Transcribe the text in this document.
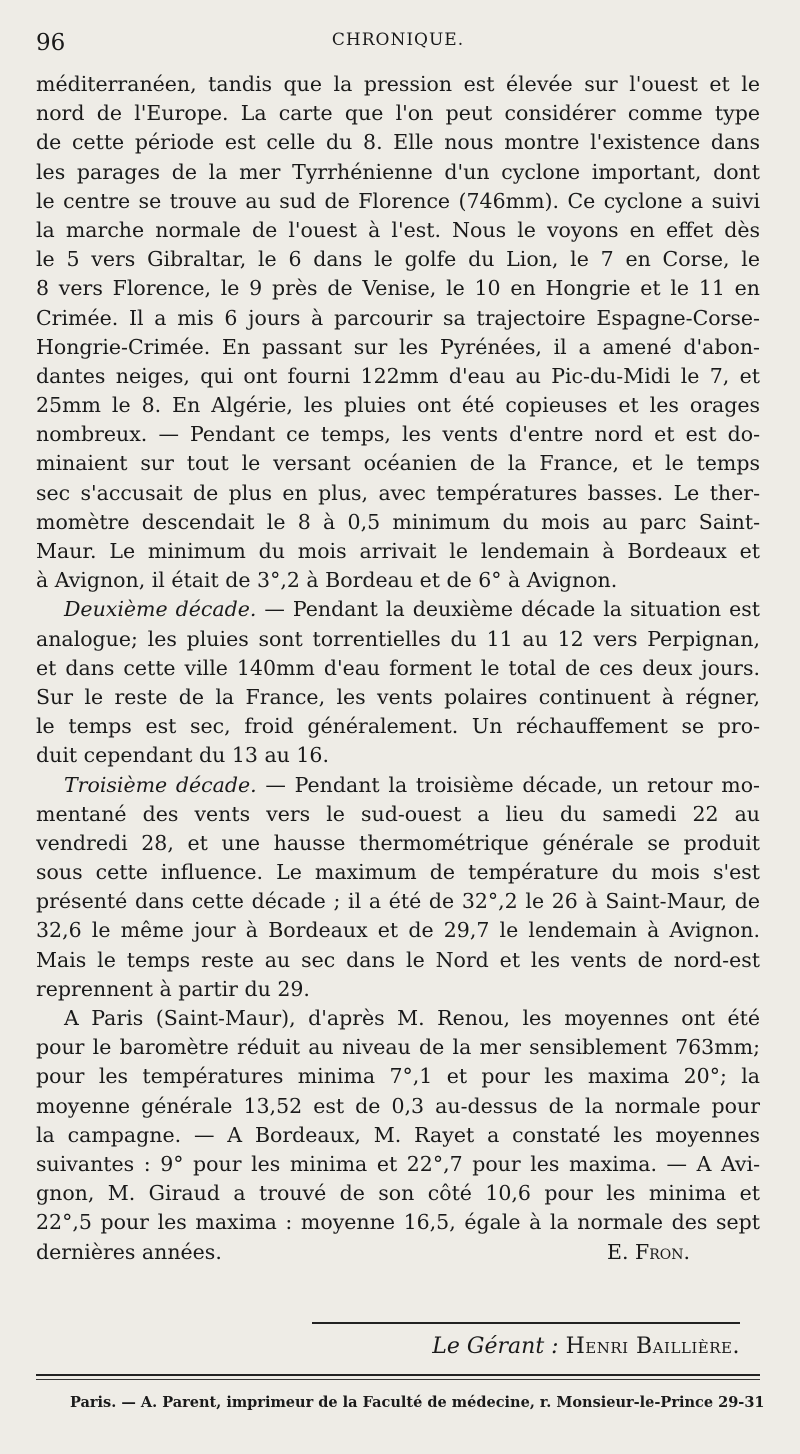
96	CHRONIQUE.
méditerranéen, tandis que la pression est élevée sur l'ouest et le
nord de l'Europe. La carte que l'on peut considérer comme type
de cette période est celle du 8. Elle nous montre l'existence dans
les parages de la mer Tyrrhénienne d'un cyclone important, dont
le centre se trouve au sud de Florence (746mm). Ce cyclone a suivi
la marche normale de l'ouest à l'est. Nous le voyons en effet dès
le 5 vers Gibraltar, le 6 dans le golfe du Lion, le 7 en Corse, le
8 vers Florence, le 9 près de Venise, le 10 en Hongrie et le 11 en
Crimée. Il a mis 6 jours à parcourir sa trajectoire Espagne-Corse-
Hongrie-Crimée. En passant sur les Pyrénées, il a amené d'abon-
dantes neiges, qui ont fourni 122mm d'eau au Pic-du-Midi le 7, et
25mm le 8. En Algérie, les pluies ont été copieuses et les orages
nombreux. — Pendant ce temps, les vents d'entre nord et est do-
minaient sur tout le versant océanien de la France, et le temps
sec s'accusait de plus en plus, avec températures basses. Le ther-
momètre descendait le 8 à 0,5 minimum du mois au parc Saint-
Maur. Le minimum du mois arrivait le lendemain à Bordeaux et
à Avignon, il était de 3°,2 à Bordeau et de 6° à Avignon.
Deuxième décade. — Pendant la deuxième décade la situation est
analogue; les pluies sont torrentielles du 11 au 12 vers Perpignan,
et dans cette ville 140mm d'eau forment le total de ces deux jours.
Sur le reste de la France, les vents polaires continuent à régner,
le temps est sec, froid généralement. Un réchauffement se pro-
duit cependant du 13 au 16.
Troisième décade. — Pendant la troisième décade, un retour mo-
mentané des vents vers le sud-ouest a lieu du samedi 22 au
vendredi 28, et une hausse thermométrique générale se produit
sous cette influence. Le maximum de température du mois s'est
présenté dans cette décade ; il a été de 32°,2 le 26 à Saint-Maur, de
32,6 le même jour à Bordeaux et de 29,7 le lendemain à Avignon.
Mais le temps reste au sec dans le Nord et les vents de nord-est
reprennent à partir du 29.
A Paris (Saint-Maur), d'après M. Renou, les moyennes ont été
pour le baromètre réduit au niveau de la mer sensiblement 763mm;
pour les températures minima 7°,1 et pour les maxima 20°; la
moyenne générale 13,52 est de 0,3 au-dessus de la normale pour
la campagne. — A Bordeaux, M. Rayet a constaté les moyennes
suivantes : 9° pour les minima et 22°,7 pour les maxima. — A Avi-
gnon, M. Giraud a trouvé de son côté 10,6 pour les minima et
22°,5 pour les maxima : moyenne 16,5, égale à la normale des sept
dernières années.	E. Fron.
Le Gérant : Henri Baillière.
Paris. — A. Parent, imprimeur de la Faculté de médecine, r. Monsieur-le-Prince 29-31
